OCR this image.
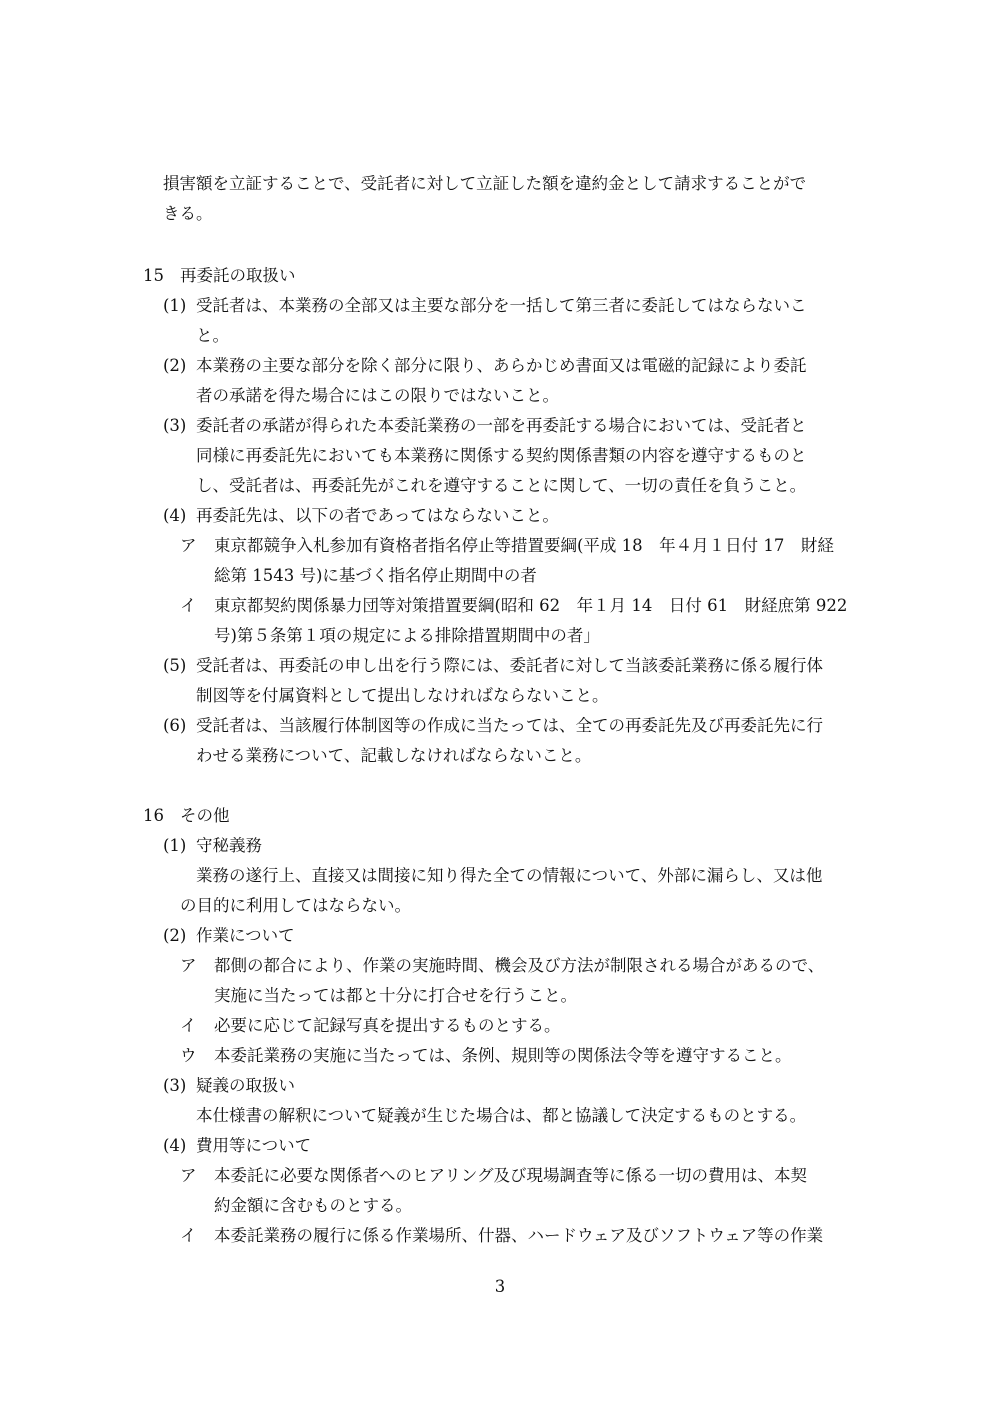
損害額を立証することで、受託者に対して立証した額を違約金として請求することがで
きる。
15 再委託の取扱い
(1) 受託者は、本業務の全部又は主要な部分を一括して第三者に委託してはならないこ
と。
(2) 本業務の主要な部分を除く部分に限り、あらかじめ書面又は電磁的記録により委託
者の承諾を得た場合にはこの限りではないこと。
(3) 委託者の承諾が得られた本委託業務の一部を再委託する場合においては、受託者と
同様に再委託先においても本業務に関係する契約関係書類の内容を遵守するものと
し、受託者は、再委託先がこれを遵守することに関して、一切の責任を負うこと。
(4) 再委託先は、以下の者であってはならないこと。
ア 東京都競争入札参加有資格者指名停止等措置要綱(平成 18　年４月１日付 17　財経
総第 1543 号)に基づく指名停止期間中の者
イ 東京都契約関係暴力団等対策措置要綱(昭和 62　年１月 14　日付 61　財経庶第 922
号)第５条第１項の規定による排除措置期間中の者」
(5) 受託者は、再委託の申し出を行う際には、委託者に対して当該委託業務に係る履行体
制図等を付属資料として提出しなければならないこと。
(6) 受託者は、当該履行体制図等の作成に当たっては、全ての再委託先及び再委託先に行
わせる業務について、記載しなければならないこと。
16 その他
(1) 守秘義務
業務の遂行上、直接又は間接に知り得た全ての情報について、外部に漏らし、又は他
の目的に利用してはならない。
(2) 作業について
ア 都側の都合により、作業の実施時間、機会及び方法が制限される場合があるので、
実施に当たっては都と十分に打合せを行うこと。
イ 必要に応じて記録写真を提出するものとする。
ウ 本委託業務の実施に当たっては、条例、規則等の関係法令等を遵守すること。
(3) 疑義の取扱い
本仕様書の解釈について疑義が生じた場合は、都と協議して決定するものとする。
(4) 費用等について
ア 本委託に必要な関係者へのヒアリング及び現場調査等に係る一切の費用は、本契
約金額に含むものとする。
イ 本委託業務の履行に係る作業場所、什器、ハードウェア及びソフトウェア等の作業
3
